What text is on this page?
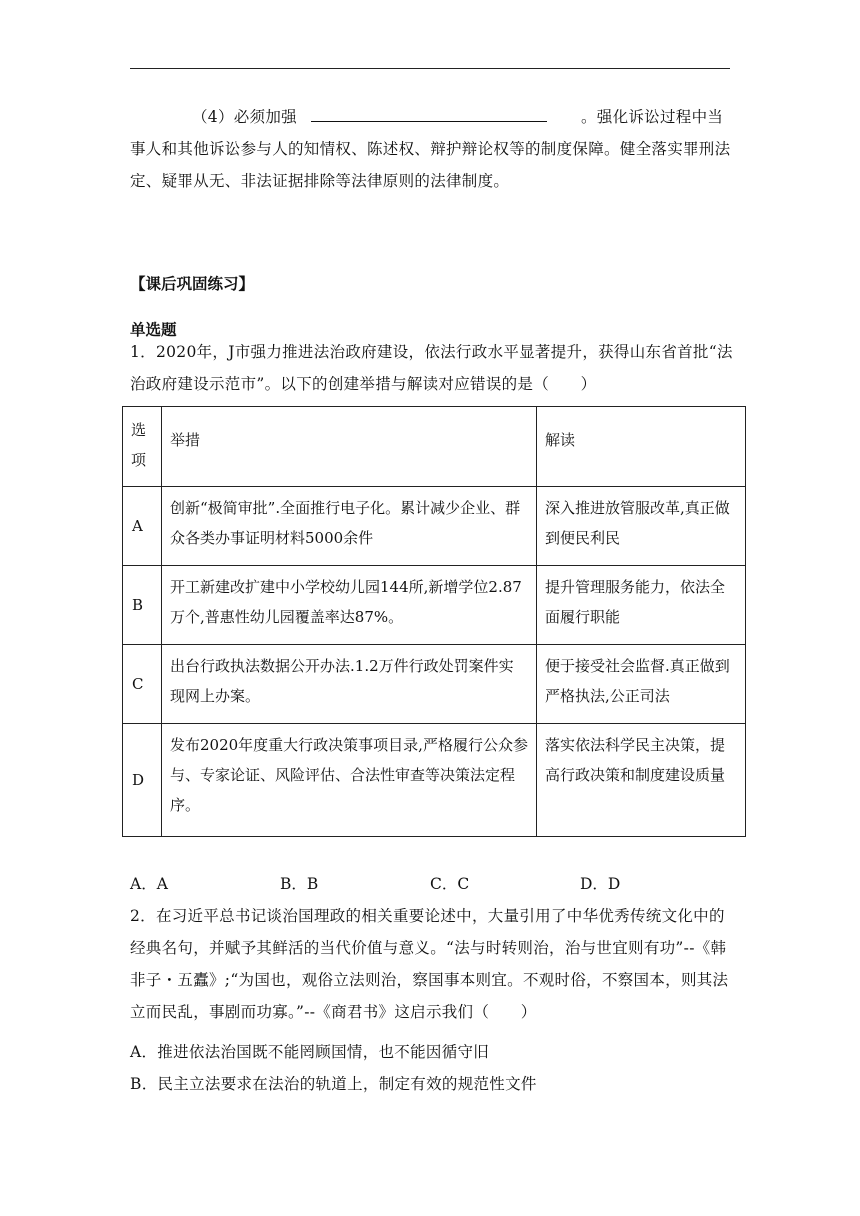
（4）必须加强	。强化诉讼过程中当事人和其他诉讼参与人的知情权、陈述权、辩护辩论权等的制度保障。健全落实罪刑法定、疑罪从无、非法证据排除等法律原则的法律制度。
【课后巩固练习】
单选题
1．2020年，J市强力推进法治政府建设，依法行政水平显著提升，获得山东省首批“法治政府建设示范市”。以下的创建举措与解读对应错误的是（　　）
选项	举措	解读
A	创新“极简审批”.全面推行电子化。累计减少企业、群众各类办事证明材料5000余件	深入推进放管服改革,真正做到便民利民
B	开工新建改扩建中小学校幼儿园144所,新增学位2.87万个,普惠性幼儿园覆盖率达87%。	提升管理服务能力，依法全面履行职能
C	出台行政执法数据公开办法.1.2万件行政处罚案件实现网上办案。	便于接受社会监督.真正做到严格执法,公正司法
D	发布2020年度重大行政决策事项目录,严格履行公众参与、专家论证、风险评估、合法性审查等决策法定程序。	落实依法科学民主决策，提高行政决策和制度建设质量
A．A	B．B	C．C	D．D
2．在习近平总书记谈治国理政的相关重要论述中，大量引用了中华优秀传统文化中的经典名句，并赋予其鲜活的当代价值与意义。“法与时转则治，治与世宜则有功”--《韩非子・五蠹》;“为国也，观俗立法则治，察国事本则宜。不观时俗，不察国本，则其法立而民乱，事剧而功寡。”--《商君书》这启示我们（　　）
A．推进依法治国既不能罔顾国情，也不能因循守旧
B．民主立法要求在法治的轨道上，制定有效的规范性文件
